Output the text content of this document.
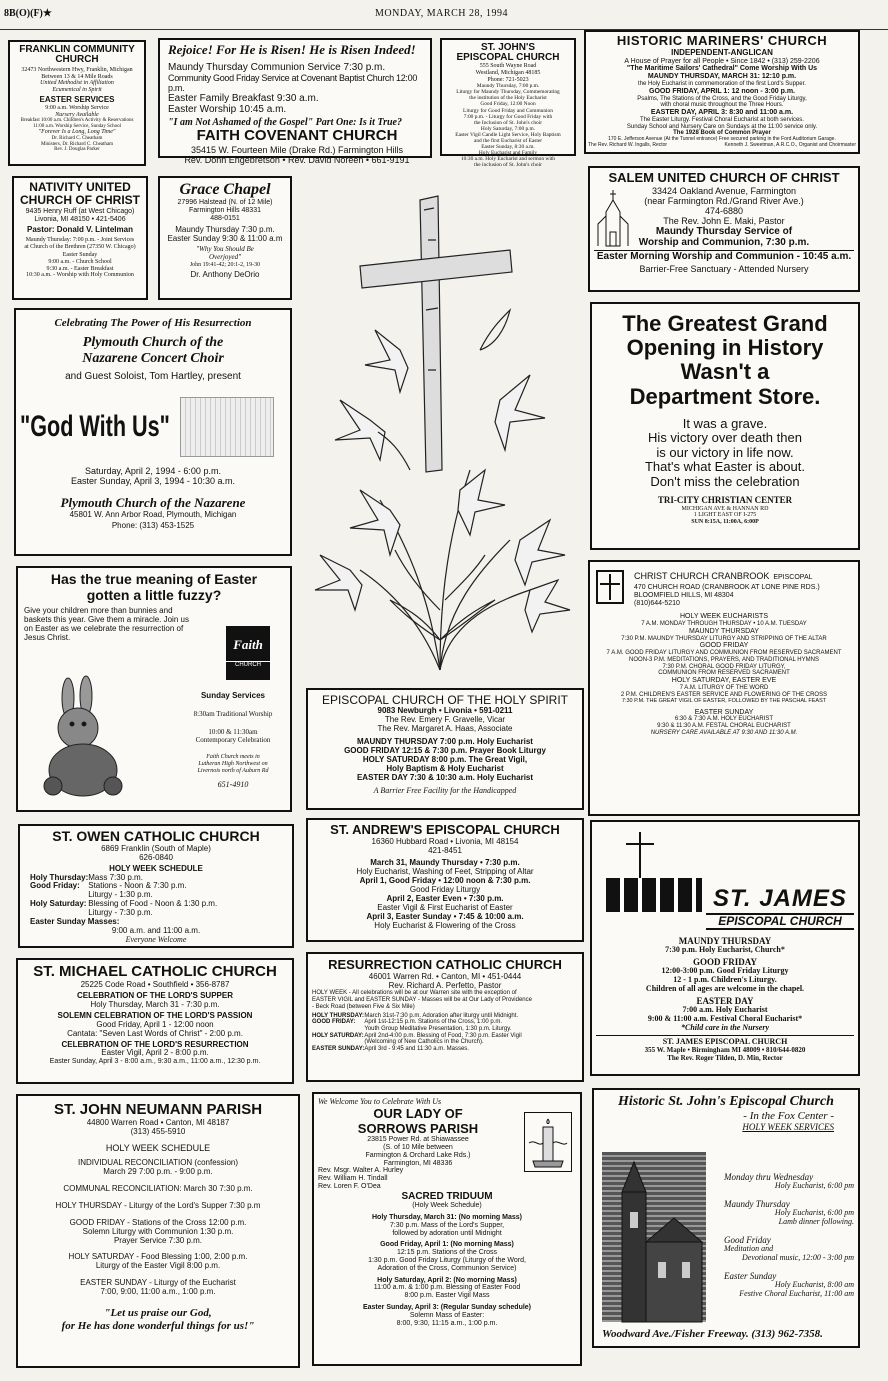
8B(O)(F)★	MONDAY, MARCH 28, 1994
FRANKLIN COMMUNITY CHURCH
32473 Northwestern Hwy, Franklin, Michigan
Between 13 & 14 Mile Roads
United Methodist in Affiliation
Ecumenical in Spirit
EASTER SERVICES
9:00 a.m. Worship Service
Nursery Available
Breakfast 10:00 a.m. Children's Activity & Reservations
11:00 a.m. Worship Service, Sunday School
"Forever Is a Long, Long Time"
Dr. Richard C. Cheatham
Ministers, Dr. Richard C. Cheatham
Rev. J. Douglas Parker
Rejoice! For He is Risen! He is Risen Indeed!
Maundy Thursday Communion Service 7:30 p.m.
Community Good Friday Service at Covenant Baptist Church 12:00 p.m.
Easter Family Breakfast 9:30 a.m.
Easter Worship 10:45 a.m.
"I am Not Ashamed of the Gospel" Part One: Is it True?
FAITH COVENANT CHURCH
35415 W. Fourteen Mile (Drake Rd.) Farmington Hills
Rev. Donn Engebretson • Rev. David Noreen • 661-9191
ST. JOHN'S
EPISCOPAL CHURCH
555 South Wayne Road
Westland, Michigan 48185
Phone: 721-5023
Maundy Thursday, 7:00 p.m.
Liturgy for Maundy Thursday, Commemorating
the institution of the Holy Eucharist
Good Friday, 12:00 Noon
Liturgy for Good Friday and Communion
7:00 p.m. - Liturgy for Good Friday with
the Inclusion of St. John's choir
Holy Saturday, 7:00 p.m.
Easter Vigil Candle Light Service, Holy Baptism
and the first Eucharist of Easter
Easter Sunday, 8:30 a.m.
Holy Eucharist and Family
10:30 a.m. Holy Eucharist and sermon with
the inclusion of St. John's choir
HISTORIC MARINERS' CHURCH
INDEPENDENT-ANGLICAN
A House of Prayer for all People • Since 1842 • (313) 259-2206
"The Maritime Sailors' Cathedral" Come Worship With Us
MAUNDY THURSDAY, MARCH 31: 12:10 p.m.
the Holy Eucharist in commemoration of the first Lord's Supper.
GOOD FRIDAY, APRIL 1: 12 noon - 3:00 p.m.
Psalms, The Stations of the Cross, and the Good Friday Liturgy,
with choral music throughout the Three Hours.
EASTER DAY, APRIL 3: 8:30 and 11:00 a.m.
The Easter Liturgy. Festival Choral Eucharist at both services.
Sunday School and Nursery Care on Sundays at the 11:00 service only.
The 1928 Book of Common Prayer
170 E. Jefferson Avenue (At the Tunnel entrance) Free secured parking in the Ford Auditorium Garage.
The Rev. Richard W. Ingalls, Rector	Kenneth J. Sweetman, A.R.C.O., Organist and Choirmaster
NATIVITY UNITED CHURCH OF CHRIST
9435 Henry Ruff (at West Chicago)
Livonia, MI 48150 • 421-5406
Pastor: Donald V. Lintelman
Maundy Thursday: 7:00 p.m. - Joint Services
at Church of the Brethren (27350 W. Chicago)
Easter Sunday
9:00 a.m. - Church School
9:30 a.m. - Easter Breakfast
10:30 a.m. - Worship with Holy Communion
Grace Chapel
27996 Halstead (N. of 12 Mile)
Farmington Hills 48331
488-0151
Maundy Thursday 7:30 p.m.
Easter Sunday 9:30 & 11:00 a.m
"Why You Should Be
Overjoyed"
John 19:41-42; 20:1-2, 19-30
Dr. Anthony DeOrio
SALEM UNITED CHURCH OF CHRIST
33424 Oakland Avenue, Farmington
(near Farmington Rd./Grand River Ave.)
474-6880
The Rev. John E. Maki, Pastor
Maundy Thursday Service of
Worship and Communion, 7:30 p.m.
Easter Morning Worship and Communion - 10:45 a.m.
Barrier-Free Sanctuary - Attended Nursery
Celebrating The Power of His Resurrection
Plymouth Church of the
Nazarene Concert Choir
and Guest Soloist, Tom Hartley, present
"God With Us"
Saturday, April 2, 1994 - 6:00 p.m.
Easter Sunday, April 3, 1994 - 10:30 a.m.
Plymouth Church of the Nazarene
45801 W. Ann Arbor Road, Plymouth, Michigan
Phone: (313) 453-1525
The Greatest Grand
Opening in History
Wasn't a
Department Store.
It was a grave.
His victory over death then
is our victory in life now.
That's what Easter is about.
Don't miss the celebration
TRI-CITY CHRISTIAN CENTER
MICHIGAN AVE & HANNAN RD
1 LIGHT EAST OF I-275
SUN 8:15A, 11:00A, 6:00P
Has the true meaning of Easter
gotten a little fuzzy?
Give your children more than bunnies and baskets this year. Give them a miracle. Join us on Easter as we celebrate the resurrection of Jesus Christ.	Faith
CHURCH
Sunday Services
8:30am Traditional Worship
10:00 & 11:30am
Contemporary Celebration
Faith Church meets in
Lutheran High Northwest on
Livernois north of Auburn Rd
651-4910
EPISCOPAL CHURCH OF THE HOLY SPIRIT
9083 Newburgh • Livonia • 591-0211
The Rev. Emery F. Gravelle, Vicar
The Rev. Margaret A. Haas, Associate
MAUNDY THURSDAY 7:00 p.m. Holy Eucharist
GOOD FRIDAY 12:15 & 7:30 p.m. Prayer Book Liturgy
HOLY SATURDAY 8:00 p.m. The Great Vigil,
Holy Baptism & Holy Eucharist
EASTER DAY 7:30 & 10:30 a.m. Holy Eucharist
A Barrier Free Facility for the Handicapped
CHRIST CHURCH CRANBROOK EPISCOPAL
470 CHURCH ROAD (CRANBROOK AT LONE PINE RDS.)
BLOOMFIELD HILLS, MI 48304
(810)644-5210
HOLY WEEK EUCHARISTS
7 A.M. MONDAY THROUGH THURSDAY • 10 A.M. TUESDAY
MAUNDY THURSDAY
7:30 P.M. MAUNDY THURSDAY LITURGY AND STRIPPING OF THE ALTAR
GOOD FRIDAY
7 A.M. GOOD FRIDAY LITURGY AND COMMUNION FROM RESERVED SACRAMENT
NOON-3 P.M. MEDITATIONS, PRAYERS, AND TRADITIONAL HYMNS
7:30 P.M. CHORAL GOOD FRIDAY LITURGY,
COMMUNION FROM RESERVED SACRAMENT
HOLY SATURDAY, EASTER EVE
7 A.M. LITURGY OF THE WORD
2 P.M. CHILDREN'S EASTER SERVICE AND FLOWERING OF THE CROSS
7:30 P.M. THE GREAT VIGIL OF EASTER, FOLLOWED BY THE PASCHAL FEAST
EASTER SUNDAY
6:30 & 7:30 A.M. HOLY EUCHARIST
9:30 & 11:30 A.M. FESTAL CHORAL EUCHARIST
NURSERY CARE AVAILABLE AT 9:30 AND 11:30 A.M.
ST. OWEN CATHOLIC CHURCH
6869 Franklin (South of Maple)
626-0840
HOLY WEEK SCHEDULE
Holy Thursday:	Mass 7:30 p.m.
Good Friday:	Stations - Noon & 7:30 p.m.
	Liturgy - 1:30 p.m.
Holy Saturday:	Blessing of Food - Noon & 1:30 p.m.
	Liturgy - 7:30 p.m.
Easter Sunday Masses:	
9:00 a.m. and 11:00 a.m.
Everyone Welcome
ST. ANDREW'S EPISCOPAL CHURCH
16360 Hubbard Road • Livonia, MI 48154
421-8451
March 31, Maundy Thursday • 7:30 p.m.
Holy Eucharist, Washing of Feet, Stripping of Altar
April 1, Good Friday • 12:00 noon & 7:30 p.m.
Good Friday Liturgy
April 2, Easter Even • 7:30 p.m.
Easter Vigil & First Eucharist of Easter
April 3, Easter Sunday • 7:45 & 10:00 a.m.
Holy Eucharist & Flowering of the Cross
ST. JAMES
EPISCOPAL CHURCH
MAUNDY THURSDAY
7:30 p.m. Holy Eucharist, Church*
GOOD FRIDAY
12:00-3:00 p.m. Good Friday Liturgy
12 - 1 p.m. Children's Liturgy.
Children of all ages are welcome in the chapel.
EASTER DAY
7:00 a.m. Holy Eucharist
9:00 & 11:00 a.m. Festival Choral Eucharist*
*Child care in the Nursery
ST. JAMES EPISCOPAL CHURCH
355 W. Maple • Birmingham MI 48009 • 810/644-0820
The Rev. Roger Tilden, D. Min, Rector
ST. MICHAEL CATHOLIC CHURCH
25225 Code Road • Southfield • 356-8787
CELEBRATION OF THE LORD'S SUPPER
Holy Thursday, March 31 - 7:30 p.m.
SOLEMN CELEBRATION OF THE LORD'S PASSION
Good Friday, April 1 - 12:00 noon
Cantata: "Seven Last Words of Christ" - 2:00 p.m.
CELEBRATION OF THE LORD'S RESURRECTION
Easter Vigil, April 2 - 8:00 p.m.
Easter Sunday, April 3 - 8:00 a.m., 9:30 a.m., 11:00 a.m., 12:30 p.m.
RESURRECTION CATHOLIC CHURCH
46001 Warren Rd. • Canton, MI • 451-0444
Rev. Richard A. Perfetto, Pastor
HOLY WEEK - All celebrations will be at our Warren site with the exception of
EASTER VIGIL and EASTER SUNDAY - Masses will be at Our Lady of Providence
- Beck Road (between Five & Six Mile)
HOLY THURSDAY:	March 31st-7:30 p.m. Adoration after liturgy until Midnight.
GOOD FRIDAY:	April 1st-12:15 p.m. Stations of the Cross, 1:00 p.m.
	Youth Group Meditative Presentation, 1:30 p.m. Liturgy.
HOLY SATURDAY:	April 2nd-4:00 p.m. Blessing of Food, 7:30 p.m. Easter Vigil
	(Welcoming of New Catholics in the Church).
EASTER SUNDAY:	April 3rd - 9:45 and 11:30 a.m. Masses.
ST. JOHN NEUMANN PARISH
44800 Warren Road • Canton, MI 48187
(313) 455-5910
HOLY WEEK SCHEDULE
INDIVIDUAL RECONCILIATION (confession)
March 29 7:00 p.m. - 9:00 p.m.
COMMUNAL RECONCILIATION: March 30 7:30 p.m.
HOLY THURSDAY - Liturgy of the Lord's Supper 7:30 p.m
GOOD FRIDAY - Stations of the Cross 12:00 p.m.
Solemn Liturgy with Communion 1:30 p.m.
Prayer Service 7:30 p.m.
HOLY SATURDAY - Food Blessing 1:00, 2:00 p.m.
Liturgy of the Easter Vigil 8:00 p.m.
EASTER SUNDAY - Liturgy of the Eucharist
7:00, 9:00, 11:00 a.m., 1:00 p.m.
"Let us praise our God,
for He has done wonderful things for us!"
We Welcome You to Celebrate With Us
OUR LADY OF
SORROWS PARISH
23815 Power Rd. at Shiawassee
(S. of 10 Mile between
Farmington & Orchard Lake Rds.)
Farmington, MI 48336
Rev. Msgr. Walter A. Hurley
Rev. William H. Tindall
Rev. Loren F. O'Dea
SACRED TRIDUUM
(Holy Week Schedule)
Holy Thursday, March 31: (No morning Mass)
7:30 p.m. Mass of the Lord's Supper,
followed by adoration until Midnight
Good Friday, April 1: (No morning Mass)
12:15 p.m. Stations of the Cross
1:30 p.m. Good Friday Liturgy (Liturgy of the Word,
Adoration of the Cross, Communion Service)
Holy Saturday, April 2: (No morning Mass)
11:00 a.m. & 1:00 p.m. Blessing of Easter Food
8:00 p.m. Easter Vigil Mass
Easter Sunday, April 3: (Regular Sunday schedule)
Solemn Mass of Easter:
8:00, 9:30, 11:15 a.m., 1:00 p.m.
Historic St. John's Episcopal Church
- In the Fox Center -
HOLY WEEK SERVICES
Monday thru Wednesday
Holy Eucharist, 6:00 pm
Maundy Thursday
Holy Eucharist, 6:00 pm
Lamb dinner following.
Good Friday
Meditation and
Devotional music, 12:00 - 3:00 pm
Easter Sunday
Holy Eucharist, 8:00 am
Festive Choral Eucharist, 11:00 am
Woodward Ave./Fisher Freeway. (313) 962-7358.
